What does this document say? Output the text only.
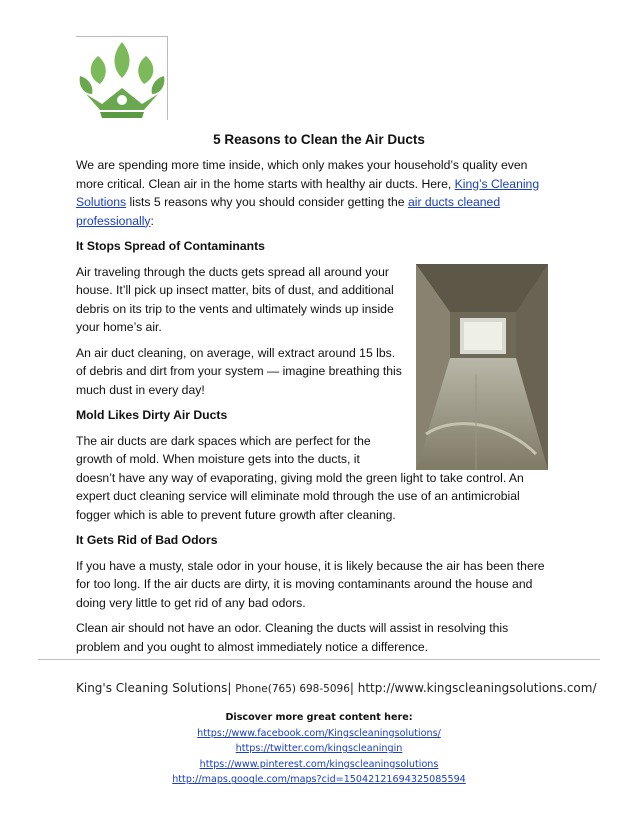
5 Reasons to Clean the Air Ducts

We are spending more time inside, which only makes your household’s quality even more critical. Clean air in the home starts with healthy air ducts. Here, King’s Cleaning Solutions lists 5 reasons why you should consider getting the air ducts cleaned professionally:

It Stops Spread of Contaminants

Air traveling through the ducts gets spread all around your house. It’ll pick up insect matter, bits of dust, and additional debris on its trip to the vents and ultimately winds up inside your home’s air.

An air duct cleaning, on average, will extract around 15 lbs. of debris and dirt from your system — imagine breathing this much dust in every day!

Mold Likes Dirty Air Ducts

The air ducts are dark spaces which are perfect for the growth of mold. When moisture gets into the ducts, it

doesn’t have any way of evaporating, giving mold the green light to take control. An expert duct cleaning service will eliminate mold through the use of an antimicrobial fogger which is able to prevent future growth after cleaning.

It Gets Rid of Bad Odors

If you have a musty, stale odor in your house, it is likely because the air has been there for too long. If the air ducts are dirty, it is moving contaminants around the house and doing very little to get rid of any bad odors.

Clean air should not have an odor. Cleaning the ducts will assist in resolving this problem and you ought to almost immediately notice a difference.

King's Cleaning Solutions| Phone(765) 698-5096| http://www.kingscleaningsolutions.com/
Discover more great content here:
https://www.facebook.com/Kingscleaningsolutions/
https://twitter.com/kingscleaningin
https://www.pinterest.com/kingscleaningsolutions
http://maps.google.com/maps?cid=15042121694325085594
